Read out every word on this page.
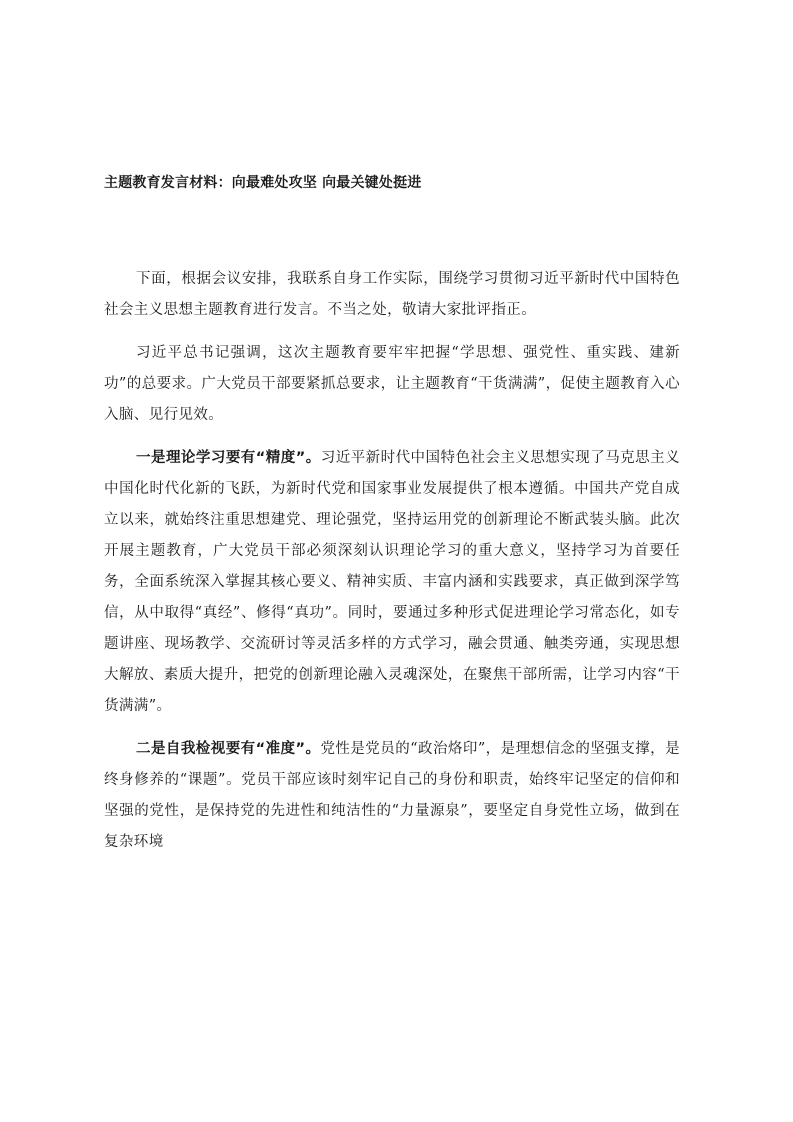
主题教育发言材料：向最难处攻坚 向最关键处挺进

下面，根据会议安排，我联系自身工作实际，围绕学习贯彻习近平新时代中国特色社会主义思想主题教育进行发言。不当之处，敬请大家批评指正。

习近平总书记强调，这次主题教育要牢牢把握“学思想、强党性、重实践、建新功”的总要求。广大党员干部要紧抓总要求，让主题教育“干货满满”，促使主题教育入心入脑、见行见效。

一是理论学习要有“精度”。习近平新时代中国特色社会主义思想实现了马克思主义中国化时代化新的飞跃，为新时代党和国家事业发展提供了根本遵循。中国共产党自成立以来，就始终注重思想建党、理论强党，坚持运用党的创新理论不断武装头脑。此次开展主题教育，广大党员干部必须深刻认识理论学习的重大意义，坚持学习为首要任务，全面系统深入掌握其核心要义、精神实质、丰富内涵和实践要求，真正做到深学笃信，从中取得“真经”、修得“真功”。同时，要通过多种形式促进理论学习常态化，如专题讲座、现场教学、交流研讨等灵活多样的方式学习，融会贯通、触类旁通，实现思想大解放、素质大提升，把党的创新理论融入灵魂深处，在聚焦干部所需，让学习内容“干货满满”。

二是自我检视要有“准度”。党性是党员的“政治烙印”，是理想信念的坚强支撑，是终身修养的“课题”。党员干部应该时刻牢记自己的身份和职责，始终牢记坚定的信仰和坚强的党性，是保持党的先进性和纯洁性的“力量源泉”，要坚定自身党性立场，做到在复杂环境
